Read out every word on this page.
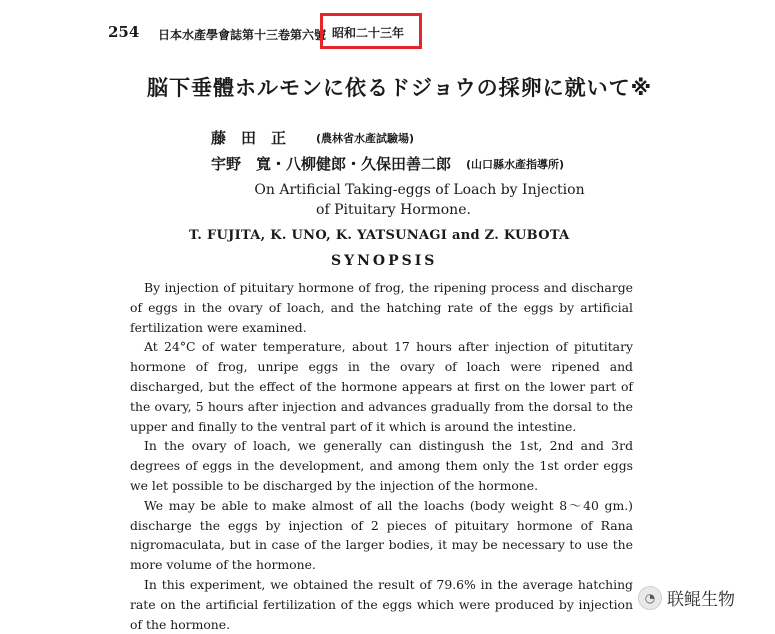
254 日本水產學會誌第十三卷第六號 昭和二十三年
脳下垂體ホルモンに依るドジョウの採卵に就いて※
藤　田　正	(農林省水產試驗場)
宇野　寬・八柳健郎・久保田善二郎 (山口縣水產指導所)
On Artificial Taking-eggs of Loach by Injection
of Pituitary Hormone.
T. FUJITA, K. UNO, K. YATSUNAGI and Z. KUBOTA
SYNOPSIS

By injection of pituitary hormone of frog, the ripening process and discharge of eggs in the ovary of loach, and the hatching rate of the eggs by artificial fertilization were examined.

At 24°C of water temperature, about 17 hours after injection of pitutitary hormone of frog, unripe eggs in the ovary of loach were ripened and discharged, but the effect of the hormone appears at first on the lower part of the ovary, 5 hours after injection and advances gradually from the dorsal to the upper and finally to the ventral part of it which is around the intestine.

In the ovary of loach, we generally can distingush the 1st, 2nd and 3rd degrees of eggs in the development, and among them only the 1st order eggs we let possible to be discharged by the injection of the hormone.

We may be able to make almost of all the loachs (body weight 8～40 gm.) discharge the eggs by injection of 2 pieces of pituitary hormone of Rana nigromaculata, but in case of the larger bodies, it may be necessary to use the more volume of the hormone.

In this experiment, we obtained the result of 79.6% in the average hatching rate on the artificial fertilization of the eggs which were produced by injection of the hormone.

◔ 联鲲生物
